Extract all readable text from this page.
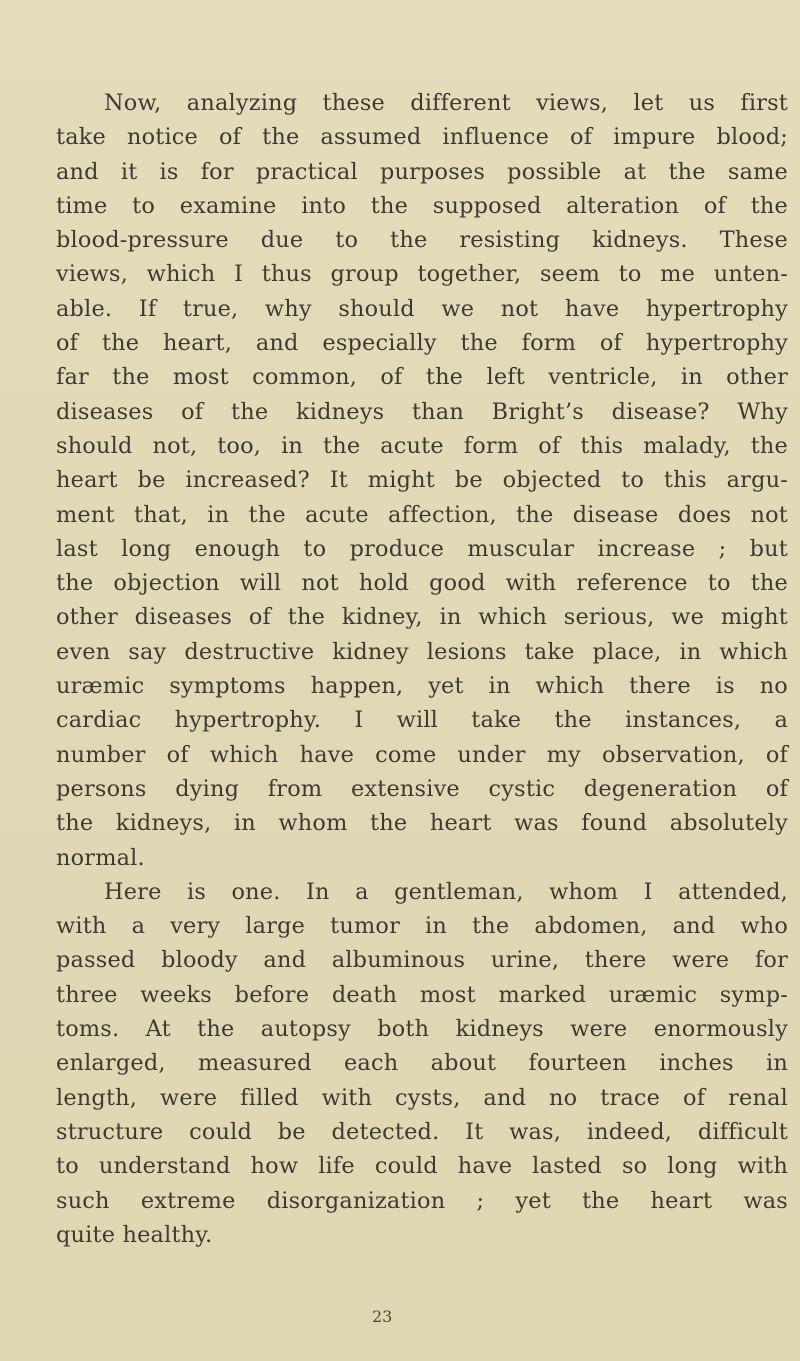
Now, analyzing these different views, let us first
take notice of the assumed influence of impure blood;
and it is for practical purposes possible at the same
time to examine into the supposed alteration of the
blood-pressure due to the resisting kidneys. These
views, which I thus group together, seem to me unten-
able. If true, why should we not have hypertrophy
of the heart, and especially the form of hypertrophy
far the most common, of the left ventricle, in other
diseases of the kidneys than Bright’s disease? Why
should not, too, in the acute form of this malady, the
heart be increased? It might be objected to this argu-
ment that, in the acute affection, the disease does not
last long enough to produce muscular increase ; but
the objection will not hold good with reference to the
other diseases of the kidney, in which serious, we might
even say destructive kidney lesions take place, in which
uræmic symptoms happen, yet in which there is no
cardiac hypertrophy. I will take the instances, a
number of which have come under my observation, of
persons dying from extensive cystic degeneration of
the kidneys, in whom the heart was found absolutely
normal.
Here is one. In a gentleman, whom I attended,
with a very large tumor in the abdomen, and who
passed bloody and albuminous urine, there were for
three weeks before death most marked uræmic symp-
toms. At the autopsy both kidneys were enormously
enlarged, measured each about fourteen inches in
length, were filled with cysts, and no trace of renal
structure could be detected. It was, indeed, difficult
to understand how life could have lasted so long with
such extreme disorganization ; yet the heart was
quite healthy.
23
